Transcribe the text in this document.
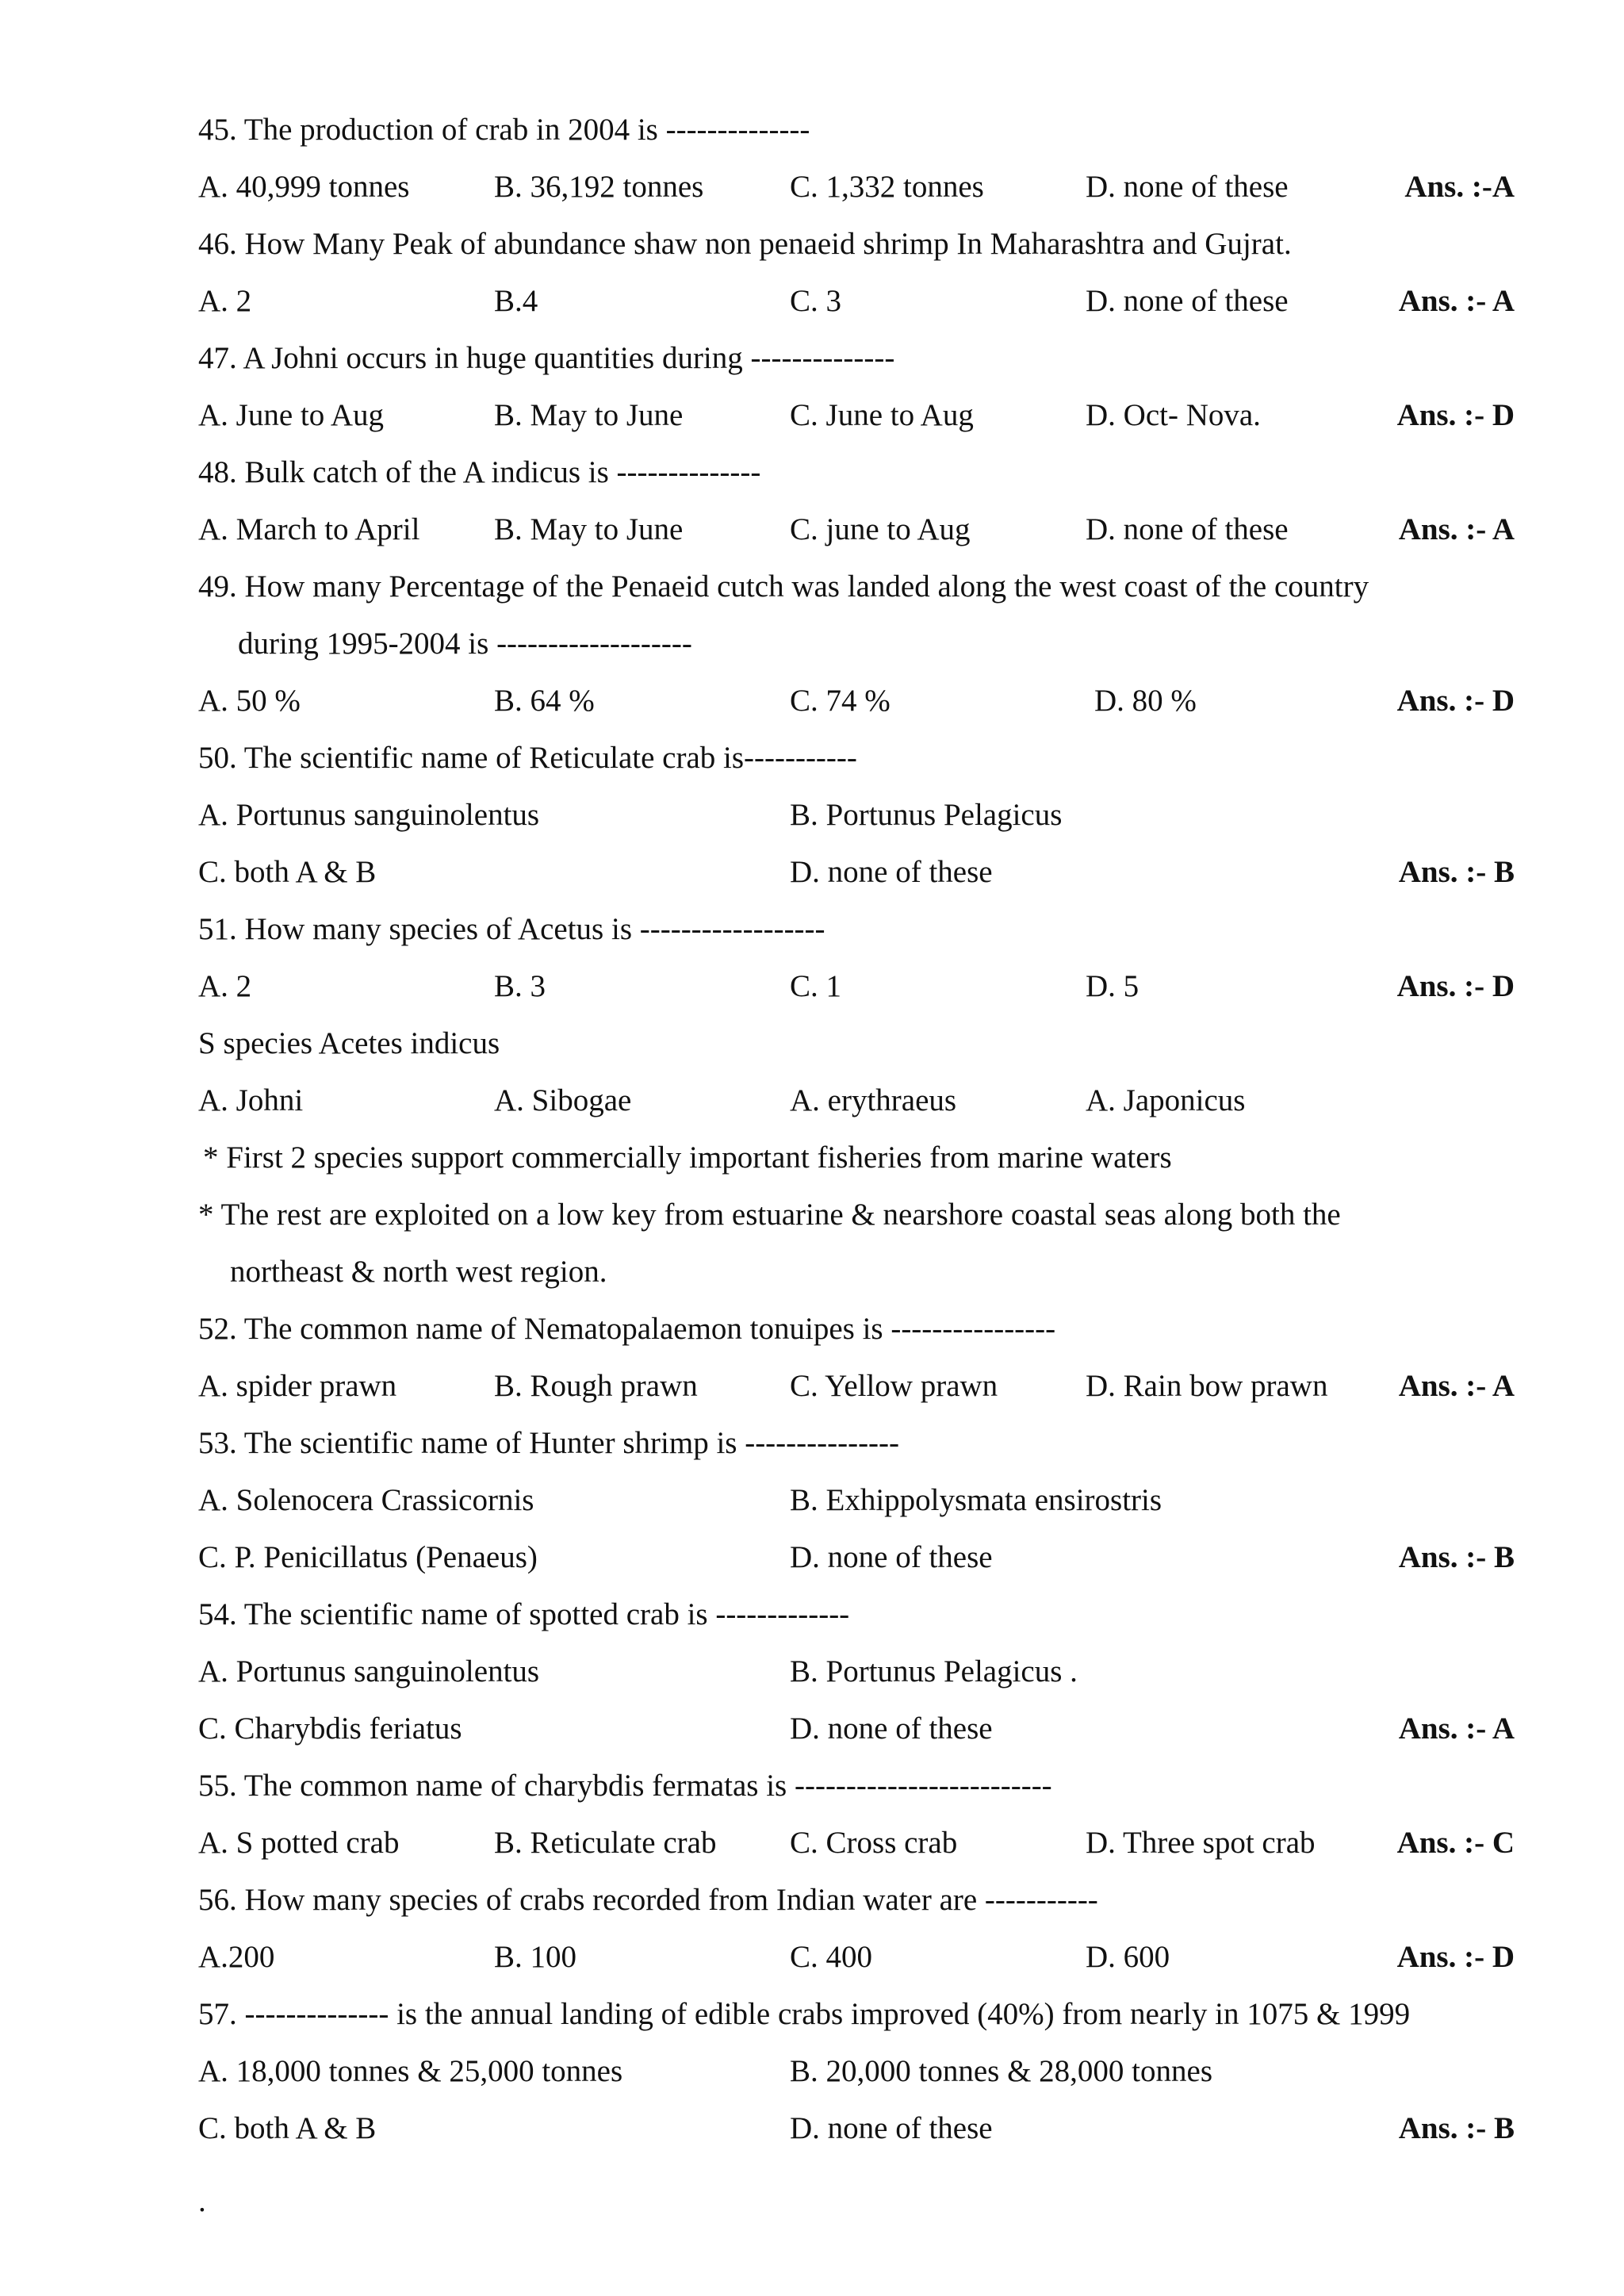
45. The production of crab in 2004 is --------------
A. 40,999 tonnes	B. 36,192 tonnes	C. 1,332 tonnes	D. none of these	Ans. :-A
46. How Many Peak of abundance shaw non penaeid shrimp In Maharashtra and Gujrat.
A. 2	B.4	C. 3	D. none of these	Ans. :- A
47. A Johni occurs in huge quantities during --------------
A. June to Aug	B. May to June	C. June to Aug	D. Oct- Nova.	Ans. :- D
48. Bulk catch of the A indicus is --------------
A. March to April B. May to June	C. june to Aug	D. none of these	Ans. :- A
49. How many Percentage of the Penaeid cutch was landed along the west coast of the country
during 1995-2004 is -------------------
A. 50 %	B. 64 %	C. 74 %	D. 80 %	Ans. :- D
50. The scientific name of Reticulate crab is-----------
A. Portunus sanguinolentus	B. Portunus Pelagicus
C. both A & B	D. none of these	Ans. :- B
51. How many species of Acetus is ------------------
A. 2	B. 3	C. 1	D. 5	Ans. :- D
S species Acetes indicus
A. Johni	A. Sibogae	A. erythraeus	A. Japonicus
* First 2 species support commercially important fisheries from marine waters
* The rest are exploited on a low key from estuarine & nearshore coastal seas along both the
northeast & north west region.
52. The common name of Nematopalaemon tonuipes is ----------------
A. spider prawn	B. Rough prawn	C. Yellow prawn	D. Rain bow prawn Ans. :- A
53. The scientific name of Hunter shrimp is ---------------
A. Solenocera Crassicornis	B. Exhippolysmata ensirostris
C. P. Penicillatus (Penaeus)	D. none of these	Ans. :- B
54. The scientific name of spotted crab is -------------
A. Portunus sanguinolentus	B. Portunus Pelagicus .
C. Charybdis feriatus	D. none of these	Ans. :- A
55. The common name of charybdis fermatas is -------------------------
A. S potted crab	B. Reticulate crab C. Cross crab	D. Three spot crab	Ans. :- C
56. How many species of crabs recorded from Indian water are -----------
A.200	B. 100	C. 400	D. 600	Ans. :- D
57. -------------- is the annual landing of edible crabs improved (40%) from nearly in 1075 & 1999
A. 18,000 tonnes & 25,000 tonnes	B. 20,000 tonnes & 28,000 tonnes
C. both A & B	D. none of these	Ans. :- B
.
